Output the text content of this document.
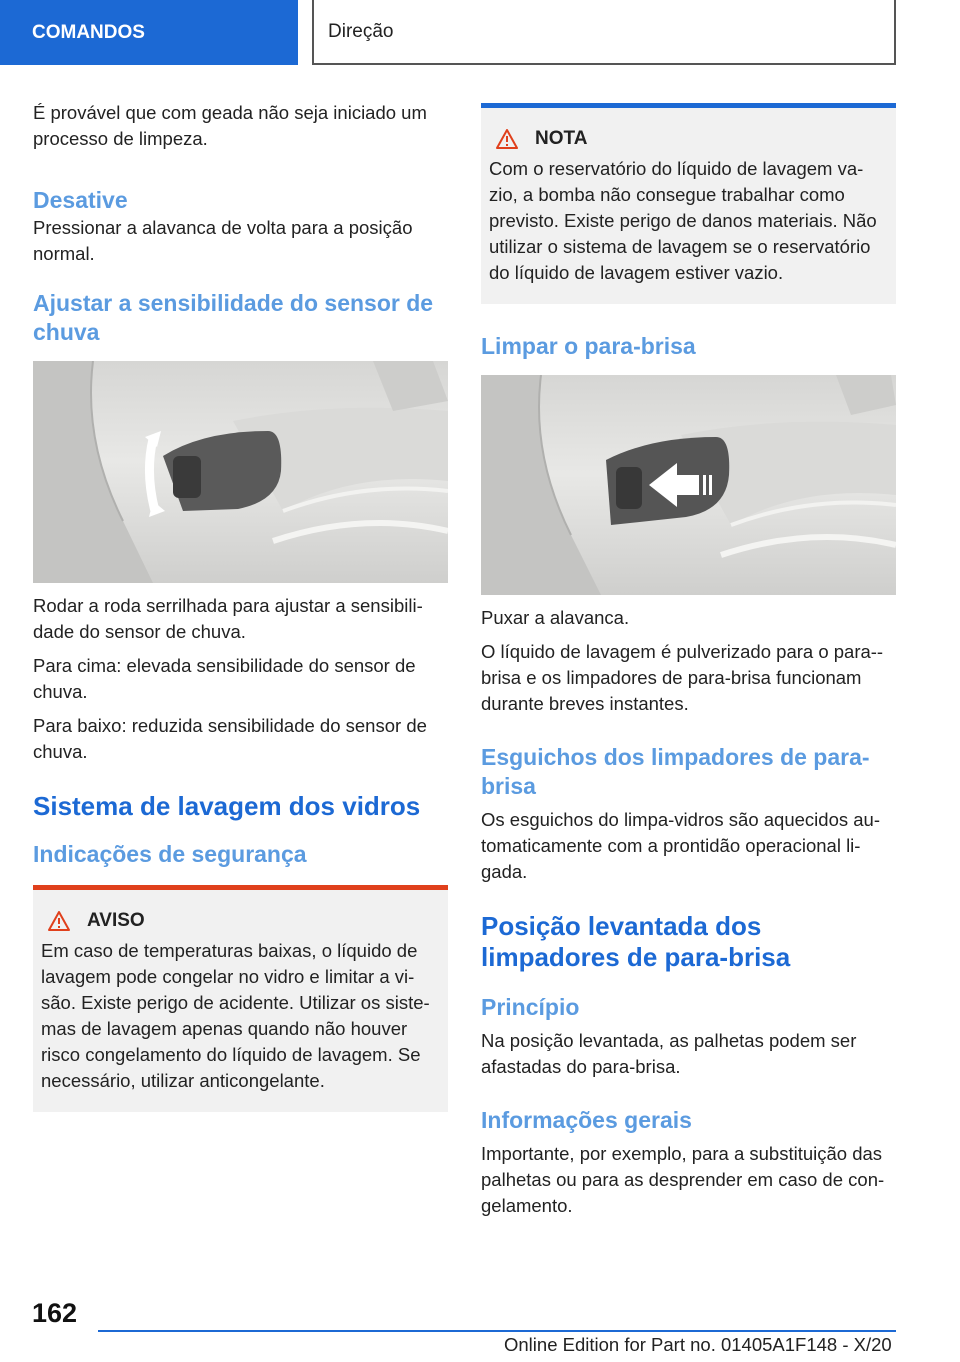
COMANDOS	Direção

É provável que com geada não seja iniciado um processo de limpeza.

Desative

Pressionar a alavanca de volta para a posição normal.

Ajustar a sensibilidade do sensor de chuva

Rodar a roda serrilhada para ajustar a sensibili-dade do sensor de chuva.

Para cima: elevada sensibilidade do sensor de chuva.

Para baixo: reduzida sensibilidade do sensor de chuva.

Sistema de lavagem dos vidros
Indicações de segurança
AVISO

Em caso de temperaturas baixas, o líquido de lavagem pode congelar no vidro e limitar a vi-são. Existe perigo de acidente. Utilizar os siste-mas de lavagem apenas quando não houver risco congelamento do líquido de lavagem. Se necessário, utilizar anticongelante.

NOTA

Com o reservatório do líquido de lavagem va-zio, a bomba não consegue trabalhar como previsto. Existe perigo de danos materiais. Não utilizar o sistema de lavagem se o reservatório do líquido de lavagem estiver vazio.

Limpar o para-brisa

Puxar a alavanca.

O líquido de lavagem é pulverizado para o para--brisa e os limpadores de para-brisa funcionam durante breves instantes.

Esguichos dos limpadores de para-brisa

Os esguichos do limpa-vidros são aquecidos au-tomaticamente com a prontidão operacional li-gada.

Posição levantada dos limpadores de para-brisa
Princípio

Na posição levantada, as palhetas podem ser afastadas do para-brisa.

Informações gerais

Importante, por exemplo, para a substituição das palhetas ou para as desprender em caso de con-gelamento.

162
Online Edition for Part no. 01405A1F148 - X/20
